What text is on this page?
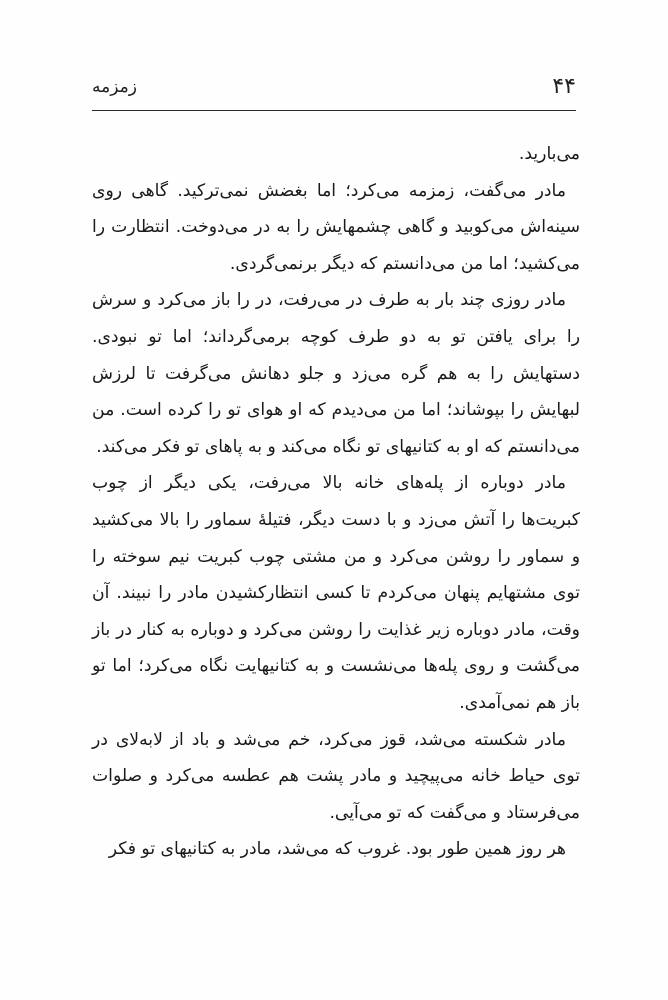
۴۴
زمزمه

می‌بارید.

مادر می‌گفت، زمزمه می‌کرد؛ اما بغضش نمی‌ترکید. گاهی روی سینه‌اش می‌کوبید و گاهی چشمهایش را به در می‌دوخت. انتظارت را می‌کشید؛ اما من می‌دانستم که دیگر برنمی‌گردی.

مادر روزی چند بار به طرف در می‌رفت، در را باز می‌کرد و سرش را برای یافتن تو به دو طرف کوچه برمی‌گرداند؛ اما تو نبودی. دستهایش را به هم گره می‌زد و جلو دهانش می‌گرفت تا لرزش لبهایش را بپوشاند؛ اما من می‌دیدم که او هوای تو را کرده است. من می‌دانستم که او به کتانیهای تو نگاه می‌کند و به پاهای تو فکر می‌کند.

مادر دوباره از پله‌های خانه بالا می‌رفت، یکی دیگر از چوب کبریت‌ها را آتش می‌زد و با دست دیگر، فتیلهٔ سماور را بالا می‌کشید و سماور را روشن می‌کرد و من مشتی چوب کبریت نیم سوخته را توی مشتهایم پنهان می‌کردم تا کسی انتظارکشیدن مادر را نبیند. آن وقت، مادر دوباره زیر غذایت را روشن می‌کرد و دوباره به کنار در باز می‌گشت و روی پله‌ها می‌نشست و به کتانیهایت نگاه می‌کرد؛ اما تو باز هم نمی‌آمدی.

مادر شکسته می‌شد، قوز می‌کرد، خم می‌شد و باد از لابه‌لای در توی حیاط خانه می‌پیچید و مادر پشت هم عطسه می‌کرد و صلوات می‌فرستاد و می‌گفت که تو می‌آیی.

هر روز همین طور بود. غروب که می‌شد، مادر به کتانیهای تو فکر
